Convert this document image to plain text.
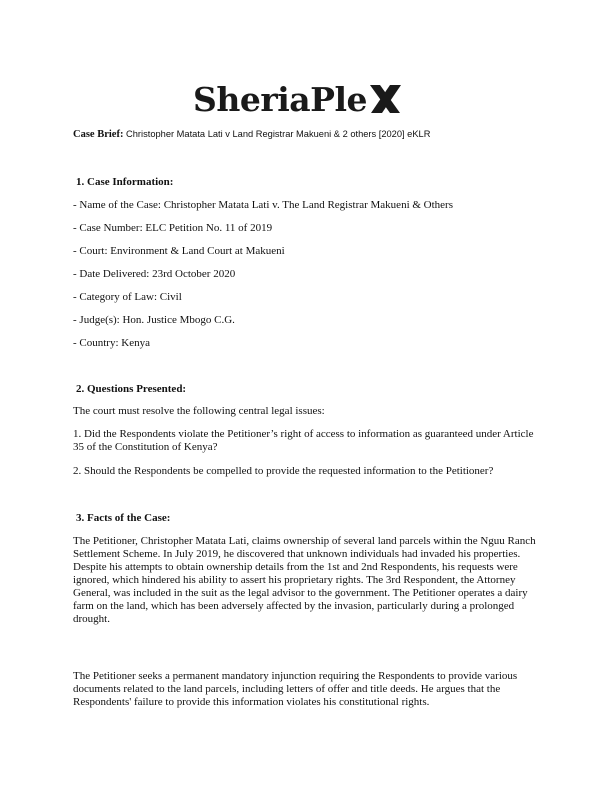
SheriaPle
Case Brief: Christopher Matata Lati v Land Registrar Makueni & 2 others [2020] eKLR
1. Case Information:
- Name of the Case: Christopher Matata Lati v. The Land Registrar Makueni & Others
- Case Number: ELC Petition No. 11 of 2019
- Court: Environment & Land Court at Makueni
- Date Delivered: 23rd October 2020
- Category of Law: Civil
- Judge(s): Hon. Justice Mbogo C.G.
- Country: Kenya
2. Questions Presented:
The court must resolve the following central legal issues:
1. Did the Respondents violate the Petitioner’s right of access to information as guaranteed under Article 35 of the Constitution of Kenya?
2. Should the Respondents be compelled to provide the requested information to the Petitioner?
3. Facts of the Case:
The Petitioner, Christopher Matata Lati, claims ownership of several land parcels within the Nguu Ranch Settlement Scheme. In July 2019, he discovered that unknown individuals had invaded his properties. Despite his attempts to obtain ownership details from the 1st and 2nd Respondents, his requests were ignored, which hindered his ability to assert his proprietary rights. The 3rd Respondent, the Attorney General, was included in the suit as the legal advisor to the government. The Petitioner operates a dairy farm on the land, which has been adversely affected by the invasion, particularly during a prolonged drought.
The Petitioner seeks a permanent mandatory injunction requiring the Respondents to provide various documents related to the land parcels, including letters of offer and title deeds. He argues that the Respondents' failure to provide this information violates his constitutional rights.
